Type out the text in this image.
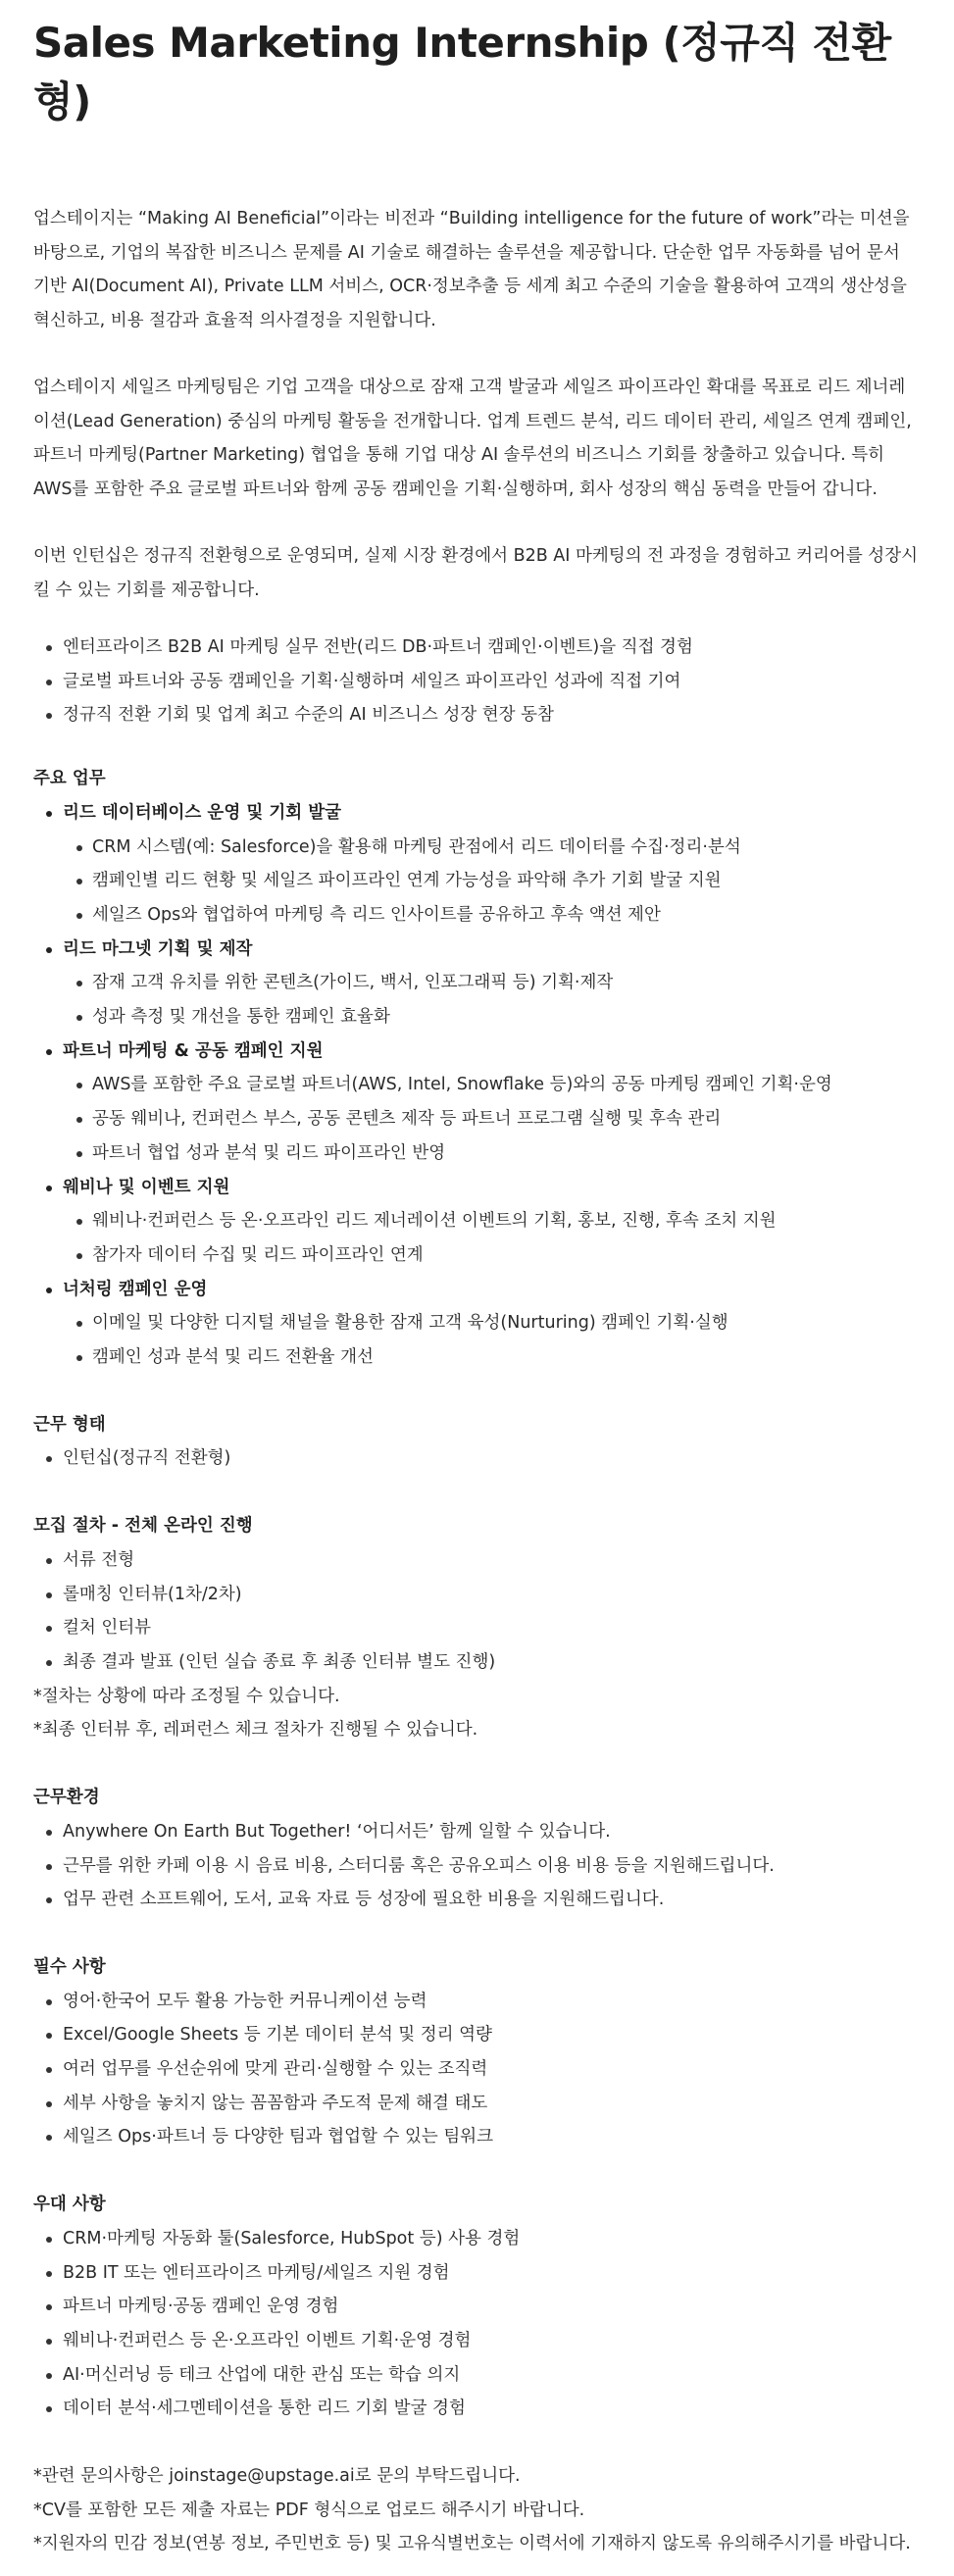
Sales Marketing Internship (정규직 전환형)

업스테이지는 “Making AI Beneficial”이라는 비전과 “Building intelligence for the future of work”라는 미션을 바탕으로, 기업의 복잡한 비즈니스 문제를 AI 기술로 해결하는 솔루션을 제공합니다. 단순한 업무 자동화를 넘어 문서 기반 AI(Document AI), Private LLM 서비스, OCR·정보추출 등 세계 최고 수준의 기술을 활용하여 고객의 생산성을 혁신하고, 비용 절감과 효율적 의사결정을 지원합니다.

업스테이지 세일즈 마케팅팀은 기업 고객을 대상으로 잠재 고객 발굴과 세일즈 파이프라인 확대를 목표로 리드 제너레이션(Lead Generation) 중심의 마케팅 활동을 전개합니다. 업계 트렌드 분석, 리드 데이터 관리, 세일즈 연계 캠페인, 파트너 마케팅(Partner Marketing) 협업을 통해 기업 대상 AI 솔루션의 비즈니스 기회를 창출하고 있습니다. 특히 AWS를 포함한 주요 글로벌 파트너와 함께 공동 캠페인을 기획·실행하며, 회사 성장의 핵심 동력을 만들어 갑니다.

이번 인턴십은 정규직 전환형으로 운영되며, 실제 시장 환경에서 B2B AI 마케팅의 전 과정을 경험하고 커리어를 성장시킬 수 있는 기회를 제공합니다.

엔터프라이즈 B2B AI 마케팅 실무 전반(리드 DB·파트너 캠페인·이벤트)을 직접 경험
글로벌 파트너와 공동 캠페인을 기획·실행하며 세일즈 파이프라인 성과에 직접 기여
정규직 전환 기회 및 업계 최고 수준의 AI 비즈니스 성장 현장 동참

주요 업무

리드 데이터베이스 운영 및 기회 발굴
CRM 시스템(예: Salesforce)을 활용해 마케팅 관점에서 리드 데이터를 수집·정리·분석
캠페인별 리드 현황 및 세일즈 파이프라인 연계 가능성을 파악해 추가 기회 발굴 지원
세일즈 Ops와 협업하여 마케팅 측 리드 인사이트를 공유하고 후속 액션 제안
리드 마그넷 기획 및 제작
잠재 고객 유치를 위한 콘텐츠(가이드, 백서, 인포그래픽 등) 기획·제작
성과 측정 및 개선을 통한 캠페인 효율화
파트너 마케팅 & 공동 캠페인 지원
AWS를 포함한 주요 글로벌 파트너(AWS, Intel, Snowflake 등)와의 공동 마케팅 캠페인 기획·운영
공동 웨비나, 컨퍼런스 부스, 공동 콘텐츠 제작 등 파트너 프로그램 실행 및 후속 관리
파트너 협업 성과 분석 및 리드 파이프라인 반영
웨비나 및 이벤트 지원
웨비나·컨퍼런스 등 온·오프라인 리드 제너레이션 이벤트의 기획, 홍보, 진행, 후속 조치 지원
참가자 데이터 수집 및 리드 파이프라인 연계
너처링 캠페인 운영
이메일 및 다양한 디지털 채널을 활용한 잠재 고객 육성(Nurturing) 캠페인 기획·실행
캠페인 성과 분석 및 리드 전환율 개선

근무 형태

인턴십(정규직 전환형)

모집 절차 - 전체 온라인 진행

서류 전형
롤매칭 인터뷰(1차/2차)
컬처 인터뷰
최종 결과 발표 (인턴 실습 종료 후 최종 인터뷰 별도 진행)

*절차는 상황에 따라 조정될 수 있습니다.

*최종 인터뷰 후, 레퍼런스 체크 절차가 진행될 수 있습니다.

근무환경

Anywhere On Earth But Together! ‘어디서든’ 함께 일할 수 있습니다.
근무를 위한 카페 이용 시 음료 비용, 스터디룸 혹은 공유오피스 이용 비용 등을 지원해드립니다.
업무 관련 소프트웨어, 도서, 교육 자료 등 성장에 필요한 비용을 지원해드립니다.

필수 사항

영어·한국어 모두 활용 가능한 커뮤니케이션 능력
Excel/Google Sheets 등 기본 데이터 분석 및 정리 역량
여러 업무를 우선순위에 맞게 관리·실행할 수 있는 조직력
세부 사항을 놓치지 않는 꼼꼼함과 주도적 문제 해결 태도
세일즈 Ops·파트너 등 다양한 팀과 협업할 수 있는 팀워크

우대 사항

CRM·마케팅 자동화 툴(Salesforce, HubSpot 등) 사용 경험
B2B IT 또는 엔터프라이즈 마케팅/세일즈 지원 경험
파트너 마케팅·공동 캠페인 운영 경험
웨비나·컨퍼런스 등 온·오프라인 이벤트 기획·운영 경험
AI·머신러닝 등 테크 산업에 대한 관심 또는 학습 의지
데이터 분석·세그멘테이션을 통한 리드 기회 발굴 경험

*관련 문의사항은 joinstage@upstage.ai로 문의 부탁드립니다.

*CV를 포함한 모든 제출 자료는 PDF 형식으로 업로드 해주시기 바랍니다.

*지원자의 민감 정보(연봉 정보, 주민번호 등) 및 고유식별번호는 이력서에 기재하지 않도록 유의해주시기를 바랍니다.
